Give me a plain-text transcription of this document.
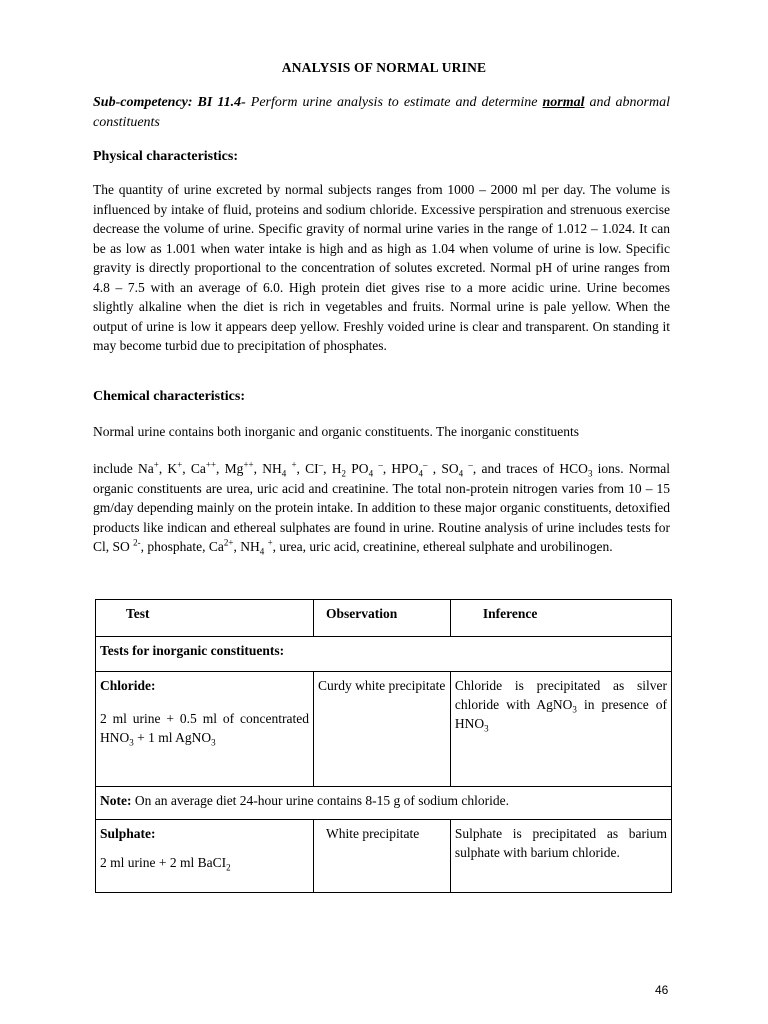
ANALYSIS OF NORMAL URINE
Sub-competency: BI 11.4- Perform urine analysis to estimate and determine normal and abnormal constituents
Physical characteristics:
The quantity of urine excreted by normal subjects ranges from 1000 – 2000 ml per day. The volume is influenced by intake of fluid, proteins and sodium chloride. Excessive perspiration and strenuous exercise decrease the volume of urine. Specific gravity of normal urine varies in the range of 1.012 – 1.024. It can be as low as 1.001 when water intake is high and as high as 1.04 when volume of urine is low. Specific gravity is directly proportional to the concentration of solutes excreted. Normal pH of urine ranges from 4.8 – 7.5 with an average of 6.0. High protein diet gives rise to a more acidic urine. Urine becomes slightly alkaline when the diet is rich in vegetables and fruits. Normal urine is pale yellow. When the output of urine is low it appears deep yellow. Freshly voided urine is clear and transparent. On standing it may become turbid due to precipitation of phosphates.
Chemical characteristics:
Normal urine contains both inorganic and organic constituents. The inorganic constituents
include Na+, K+, Ca++, Mg++, $NH_4$ +, CI–, $H_2$ $PO_4$ –, $HPO_4^-$ , $SO_4$ –, and traces of $HCO_3$ ions. Normal organic constituents are urea, uric acid and creatinine. The total non-protein nitrogen varies from 10 – 15 gm/day depending mainly on the protein intake. In addition to these major organic constituents, detoxified products like indican and ethereal sulphates are found in urine. Routine analysis of urine includes tests for Cl, SO $^{2-}$, phosphate, $Ca^{2+}$, $NH_4$ +, urea, uric acid, creatinine, ethereal sulphate and urobilinogen.
Test	Observation	Inference
Tests for inorganic constituents:		

Chloride:
2 ml urine + 0.5 ml of concentrated $HNO_3 + 1$ ml AgNO$_3$	Curdy white precipitate	Chloride is precipitated as silver chloride with AgNO$_3$ in presence of $HNO_3$
Note: On an average diet 24-hour urine contains 8-15 g of sodium chloride.		

Sulphate:
2 ml urine + 2 ml BaCI$_2$	White precipitate	Sulphate is precipitated as barium sulphate with barium chloride.
46
